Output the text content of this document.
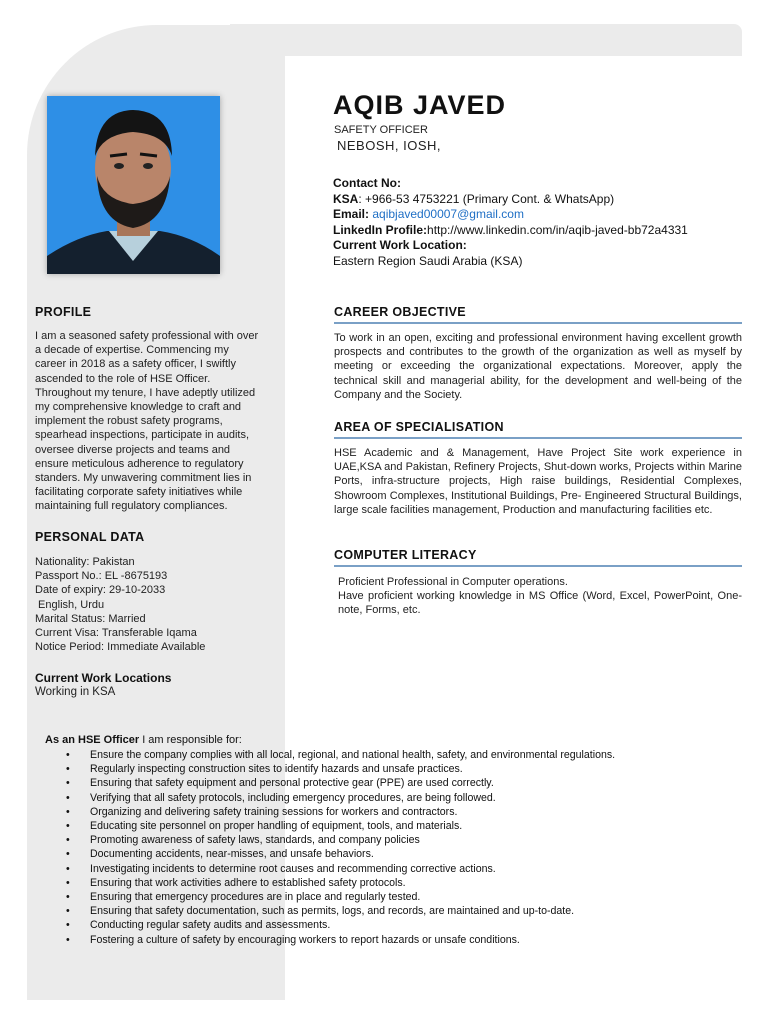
AQIB JAVED
SAFETY OFFICER
NEBOSH, IOSH,
Contact No:
KSA: +966-53 4753221 (Primary Cont. & WhatsApp)
Email: aqibjaved00007@gmail.com
LinkedIn Profile:http://www.linkedin.com/in/aqib-javed-bb72a4331
Current Work Location:
Eastern Region Saudi Arabia (KSA)
PROFILE
I am a seasoned safety professional with over
a decade of expertise. Commencing my
career in 2018 as a safety officer, I swiftly
ascended to the role of HSE Officer.
Throughout my tenure, I have adeptly utilized
my comprehensive knowledge to craft and
implement the robust safety programs,
spearhead inspections, participate in audits,
oversee diverse projects and teams and
ensure meticulous adherence to regulatory
standers. My unwavering commitment lies in
facilitating corporate safety initiatives while
maintaining full regulatory compliances.
PERSONAL DATA
Nationality: Pakistan
Passport No.: EL -8675193
Date of expiry: 29-10-2033
English, Urdu
Marital Status: Married
Current Visa: Transferable Iqama
Notice Period: Immediate Available
Current Work Locations
Working in KSA
CAREER OBJECTIVE
To work in an open, exciting and professional environment having excellent growth prospects and contributes to the growth of the organization as well as myself by meeting or exceeding the organizational expectations. Moreover, apply the technical skill and managerial ability, for the development and well-being of the Company and the Society.
AREA OF SPECIALISATION
HSE Academic and & Management, Have Project Site work experience in UAE,KSA and Pakistan, Refinery Projects, Shut-down works, Projects within Marine Ports, infra-structure projects, High raise buildings, Residential Complexes, Showroom Complexes, Institutional Buildings, Pre- Engineered Structural Buildings, large scale facilities management, Production and manufacturing facilities etc.
COMPUTER LITERACY
Proficient Professional in Computer operations.
Have proficient working knowledge in MS Office (Word, Excel, PowerPoint, One-note, Forms, etc.
As an HSE Officer I am responsible for:
• Ensure the company complies with all local, regional, and national health, safety, and environmental regulations.
• Regularly inspecting construction sites to identify hazards and unsafe practices.
• Ensuring that safety equipment and personal protective gear (PPE) are used correctly.
• Verifying that all safety protocols, including emergency procedures, are being followed.
• Organizing and delivering safety training sessions for workers and contractors.
• Educating site personnel on proper handling of equipment, tools, and materials.
• Promoting awareness of safety laws, standards, and company policies
• Documenting accidents, near-misses, and unsafe behaviors.
• Investigating incidents to determine root causes and recommending corrective actions.
• Ensuring that work activities adhere to established safety protocols.
• Ensuring that emergency procedures are in place and regularly tested.
• Ensuring that safety documentation, such as permits, logs, and records, are maintained and up-to-date.
• Conducting regular safety audits and assessments.
• Fostering a culture of safety by encouraging workers to report hazards or unsafe conditions.
